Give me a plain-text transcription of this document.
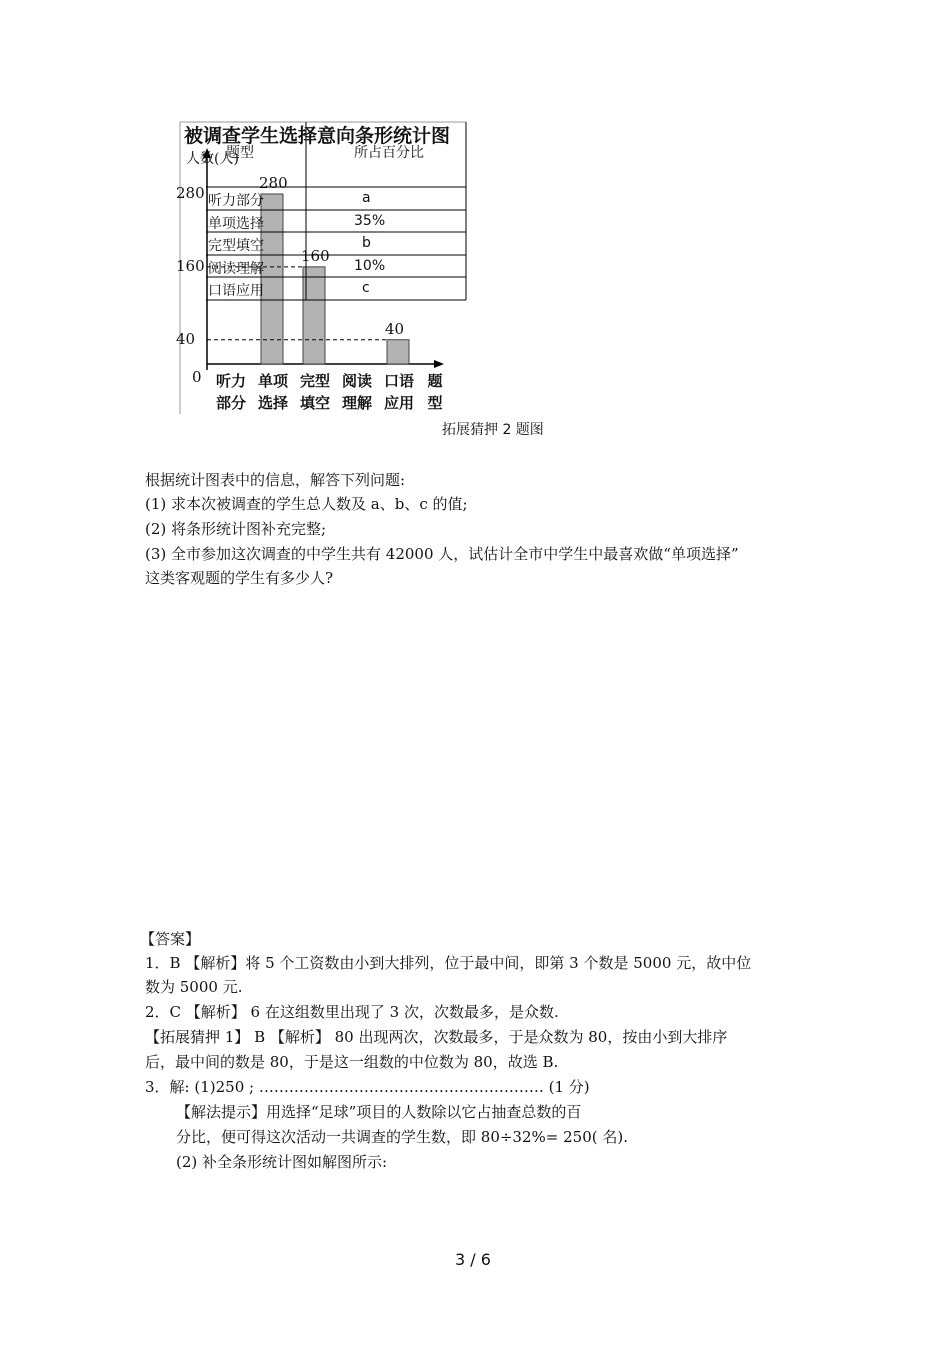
被调查学生选择意向条形统计图
人数(人)
题型
280
160
40
0 听力
部分
单项
选择
完型
填空
阅读
理解
口语
应用
280
160
40
题型	所占百分比
听力部分	a
单项选择	35%
完型填空	b
阅读理解	10%
口语应用	c
拓展猜押 2 题图
根据统计图表中的信息，解答下列问题:
(1) 求本次被调查的学生总人数及 a、b、c 的值;
(2) 将条形统计图补充完整;
(3) 全市参加这次调查的中学生共有 42000 人，试估计全市中学生中最喜欢做“单项选择”
这类客观题的学生有多少人?
【答案】
1．B 【解析】将 5 个工资数由小到大排列，位于最中间，即第 3 个数是 5000 元，故中位
数为 5000 元.
2．C 【解析】 6 在这组数里出现了 3 次，次数最多，是众数.
【拓展猜押 1】 B 【解析】 80 出现两次，次数最多，于是众数为 80，按由小到大排序
后，最中间的数是 80，于是这一组数的中位数为 80，故选 B.
3．解: (1)250 ; ………………………………………………… (1 分)
【解法提示】用选择“足球”项目的人数除以它占抽查总数的百
分比，便可得这次活动一共调查的学生数，即 80÷32%= 250( 名).
(2) 补全条形统计图如解图所示:
3 / 6
